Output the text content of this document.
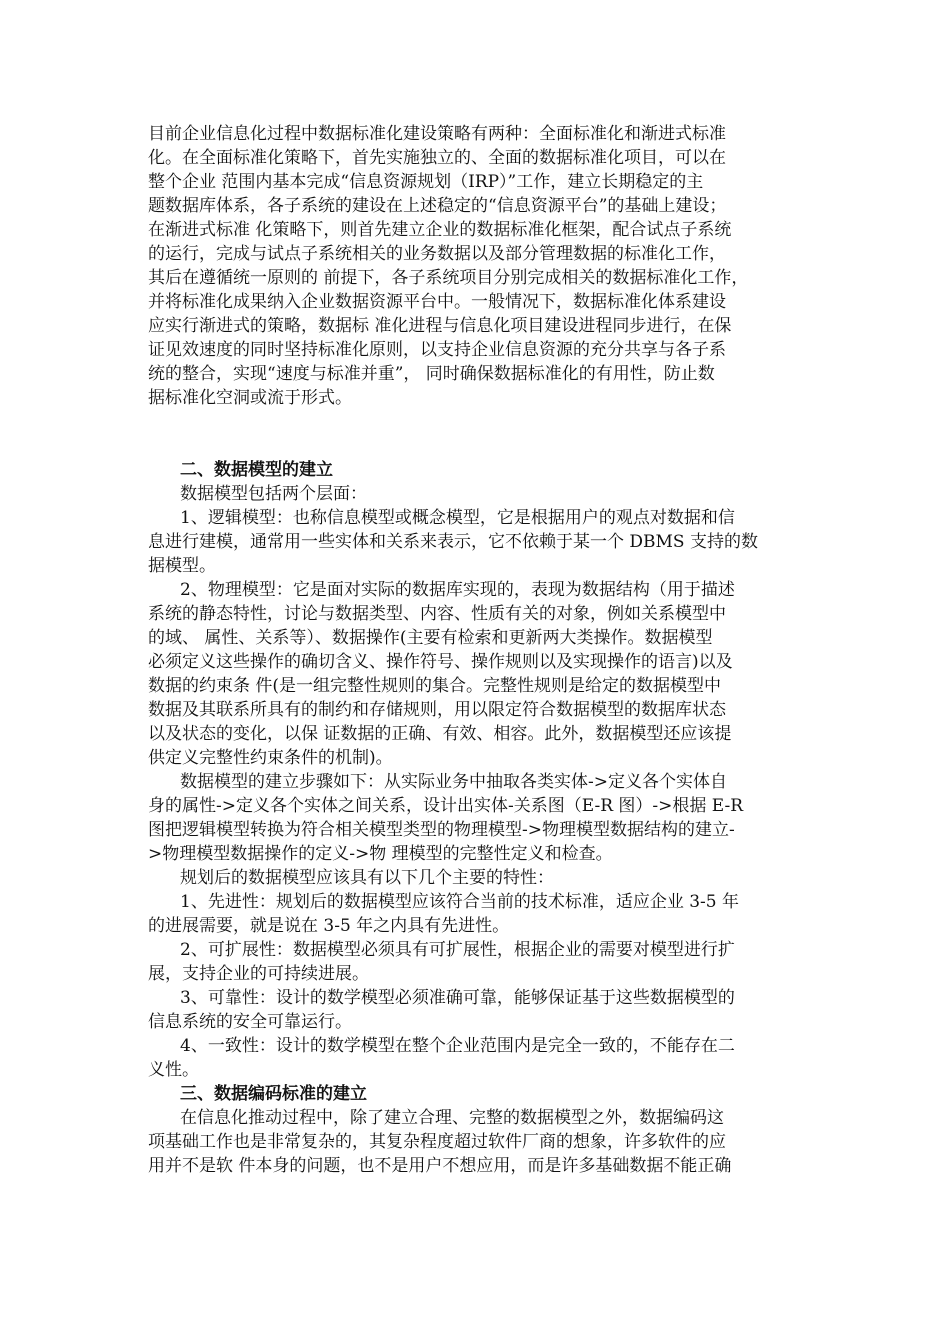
目前企业信息化过程中数据标准化建设策略有两种：全面标准化和渐进式标准

化。在全面标准化策略下，首先实施独立的、全面的数据标准化项目，可以在

整个企业 范围内基本完成“信息资源规划（IRP）”工作，建立长期稳定的主

题数据库体系，各子系统的建设在上述稳定的“信息资源平台”的基础上建设；

在渐进式标准 化策略下，则首先建立企业的数据标准化框架，配合试点子系统

的运行，完成与试点子系统相关的业务数据以及部分管理数据的标准化工作，

其后在遵循统一原则的 前提下，各子系统项目分别完成相关的数据标准化工作，

并将标准化成果纳入企业数据资源平台中。一般情况下，数据标准化体系建设

应实行渐进式的策略，数据标 准化进程与信息化项目建设进程同步进行，在保

证见效速度的同时坚持标准化原则，以支持企业信息资源的充分共享与各子系

统的整合，实现“速度与标准并重”， 同时确保数据标准化的有用性，防止数

据标准化空洞或流于形式。

二、数据模型的建立

数据模型包括两个层面：

1、逻辑模型：也称信息模型或概念模型，它是根据用户的观点对数据和信

息进行建模，通常用一些实体和关系来表示，它不依赖于某一个 DBMS 支持的数

据模型。

2、物理模型：它是面对实际的数据库实现的，表现为数据结构（用于描述

系统的静态特性，讨论与数据类型、内容、性质有关的对象，例如关系模型中

的域、 属性、关系等）、数据操作(主要有检索和更新两大类操作。数据模型

必须定义这些操作的确切含义、操作符号、操作规则以及实现操作的语言)以及

数据的约束条 件(是一组完整性规则的集合。完整性规则是给定的数据模型中

数据及其联系所具有的制约和存储规则，用以限定符合数据模型的数据库状态

以及状态的变化，以保 证数据的正确、有效、相容。此外，数据模型还应该提

供定义完整性约束条件的机制)。

数据模型的建立步骤如下：从实际业务中抽取各类实体->定义各个实体自

身的属性->定义各个实体之间关系，设计出实体-关系图（E-R 图）->根据 E-R

图把逻辑模型转换为符合相关模型类型的物理模型->物理模型数据结构的建立-

>物理模型数据操作的定义->物 理模型的完整性定义和检查。

规划后的数据模型应该具有以下几个主要的特性：

1、先进性：规划后的数据模型应该符合当前的技术标准，适应企业 3-5 年

的进展需要，就是说在 3-5 年之内具有先进性。

2、可扩展性：数据模型必须具有可扩展性，根据企业的需要对模型进行扩

展，支持企业的可持续进展。

3、可靠性：设计的数学模型必须准确可靠，能够保证基于这些数据模型的

信息系统的安全可靠运行。

4、一致性：设计的数学模型在整个企业范围内是完全一致的，不能存在二

义性。

三、数据编码标准的建立

在信息化推动过程中，除了建立合理、完整的数据模型之外，数据编码这

项基础工作也是非常复杂的，其复杂程度超过软件厂商的想象，许多软件的应

用并不是软 件本身的问题，也不是用户不想应用，而是许多基础数据不能正确
